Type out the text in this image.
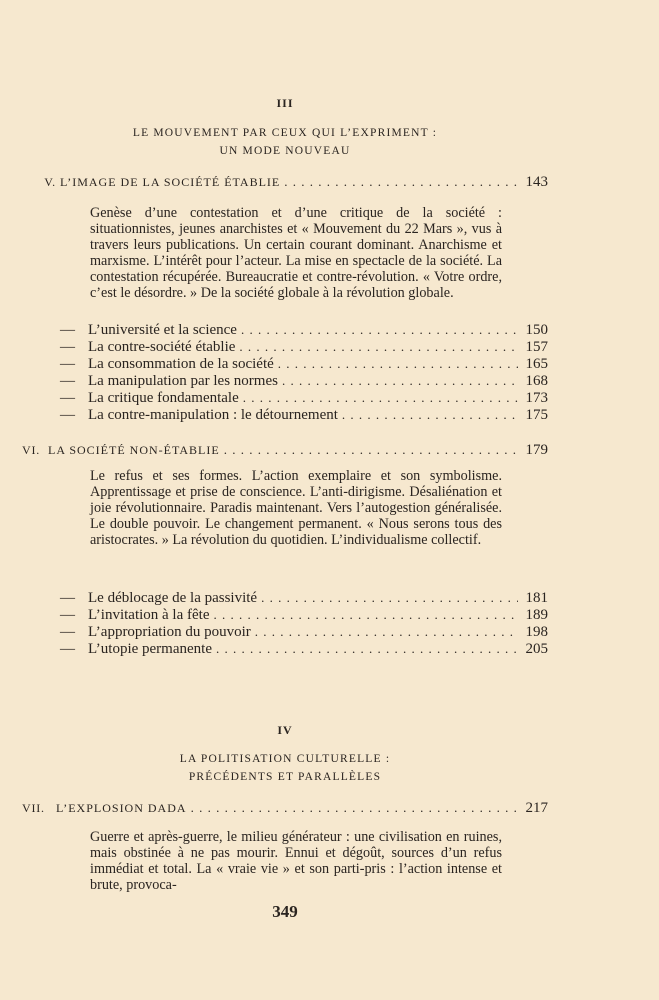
III
LE MOUVEMENT PAR CEUX QUI L’EXPRIMENT :
UN MODE NOUVEAU
V. L’IMAGE DE LA SOCIÉTÉ ÉTABLIE . . .	143
Genèse d’une contestation et d’une critique de la société : situationnistes, jeunes anarchistes et « Mouvement du 22 Mars », vus à travers leurs publications. Un certain courant dominant. Anarchisme et marxisme. L’intérêt pour l’acteur. La mise en spectacle de la société. La contestation récupérée. Bureaucratie et contre-révolution. « Votre ordre, c’est le désordre. » De la société globale à la révolution globale.
— L’université et la science . . .	150
— La contre-société établie . . .	157
— La consommation de la société . . .	165
— La manipulation par les normes . . .	168
— La critique fondamentale . . .	173
— La contre-manipulation : le détournement . . .	175
VI. LA SOCIÉTÉ NON-ÉTABLIE . . .	179
Le refus et ses formes. L’action exemplaire et son symbolisme. Apprentissage et prise de conscience. L’anti-dirigisme. Désaliénation et joie révolutionnaire. Paradis maintenant. Vers l’autogestion généralisée. Le double pouvoir. Le changement permanent. « Nous serons tous des aristocrates. » La révolution du quotidien. L’individualisme collectif.
— Le déblocage de la passivité . . .	181
— L’invitation à la fête . . .	189
— L’appropriation du pouvoir . . .	198
— L’utopie permanente . . .	205
IV
LA POLITISATION CULTURELLE :
PRÉCÉDENTS ET PARALLÈLES
VII. L’EXPLOSION DADA . . .	217
Guerre et après-guerre, le milieu générateur : une civilisation en ruines, mais obstinée à ne pas mourir. Ennui et dégoût, sources d’un refus immédiat et total. La « vraie vie » et son parti-pris : l’action intense et brute, provoca-
349
